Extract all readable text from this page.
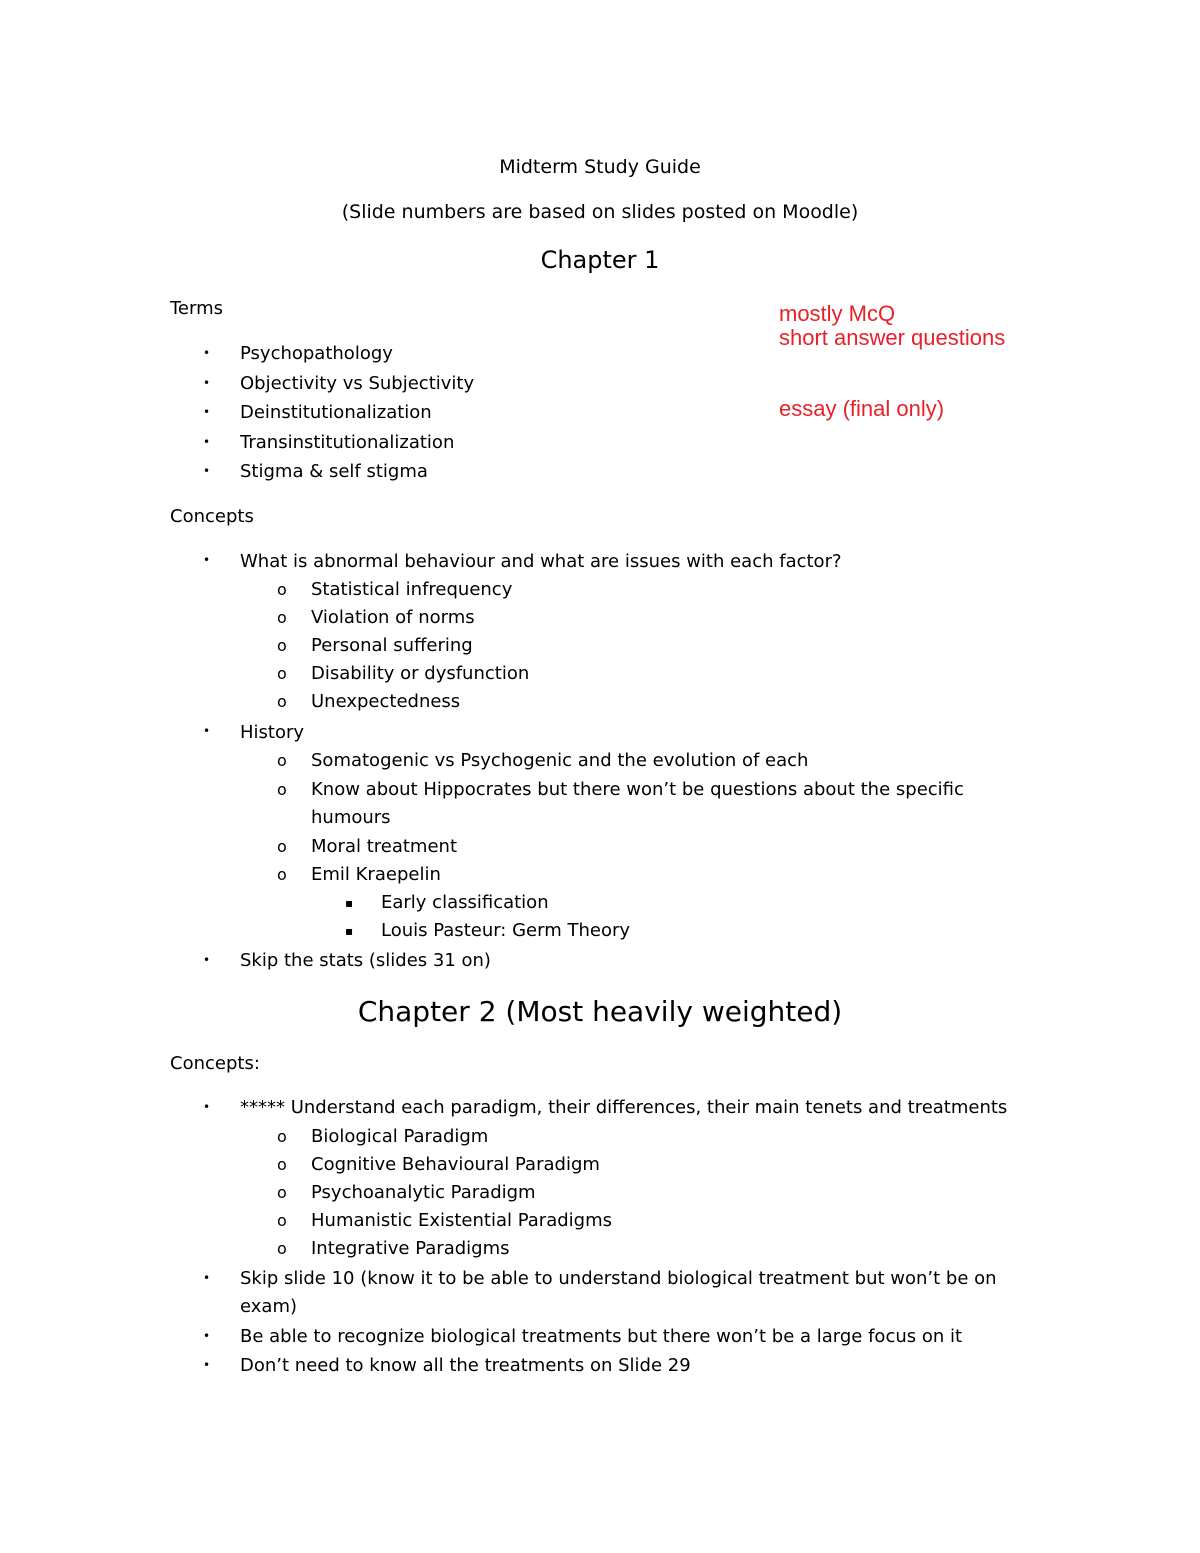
Midterm Study Guide
(Slide numbers are based on slides posted on Moodle)
Chapter 1
mostly McQ
short answer questions
essay (final only)
Terms
• Psychopathology
• Objectivity vs Subjectivity
• Deinstitutionalization
• Transinstitutionalization
• Stigma & self stigma
Concepts
• What is abnormal behaviour and what are issues with each factor?
o Statistical infrequency
o Violation of norms
o Personal suffering
o Disability or dysfunction
o Unexpectedness
• History
o Somatogenic vs Psychogenic and the evolution of each
o Know about Hippocrates but there won’t be questions about the specific
humours
o Moral treatment
o Emil Kraepelin
▪ Early classification
▪ Louis Pasteur: Germ Theory
• Skip the stats (slides 31 on)
Chapter 2 (Most heavily weighted)
Concepts:
• ***** Understand each paradigm, their differences, their main tenets and treatments
o Biological Paradigm
o Cognitive Behavioural Paradigm
o Psychoanalytic Paradigm
o Humanistic Existential Paradigms
o Integrative Paradigms
• Skip slide 10 (know it to be able to understand biological treatment but won’t be on
exam)
• Be able to recognize biological treatments but there won’t be a large focus on it
• Don’t need to know all the treatments on Slide 29
